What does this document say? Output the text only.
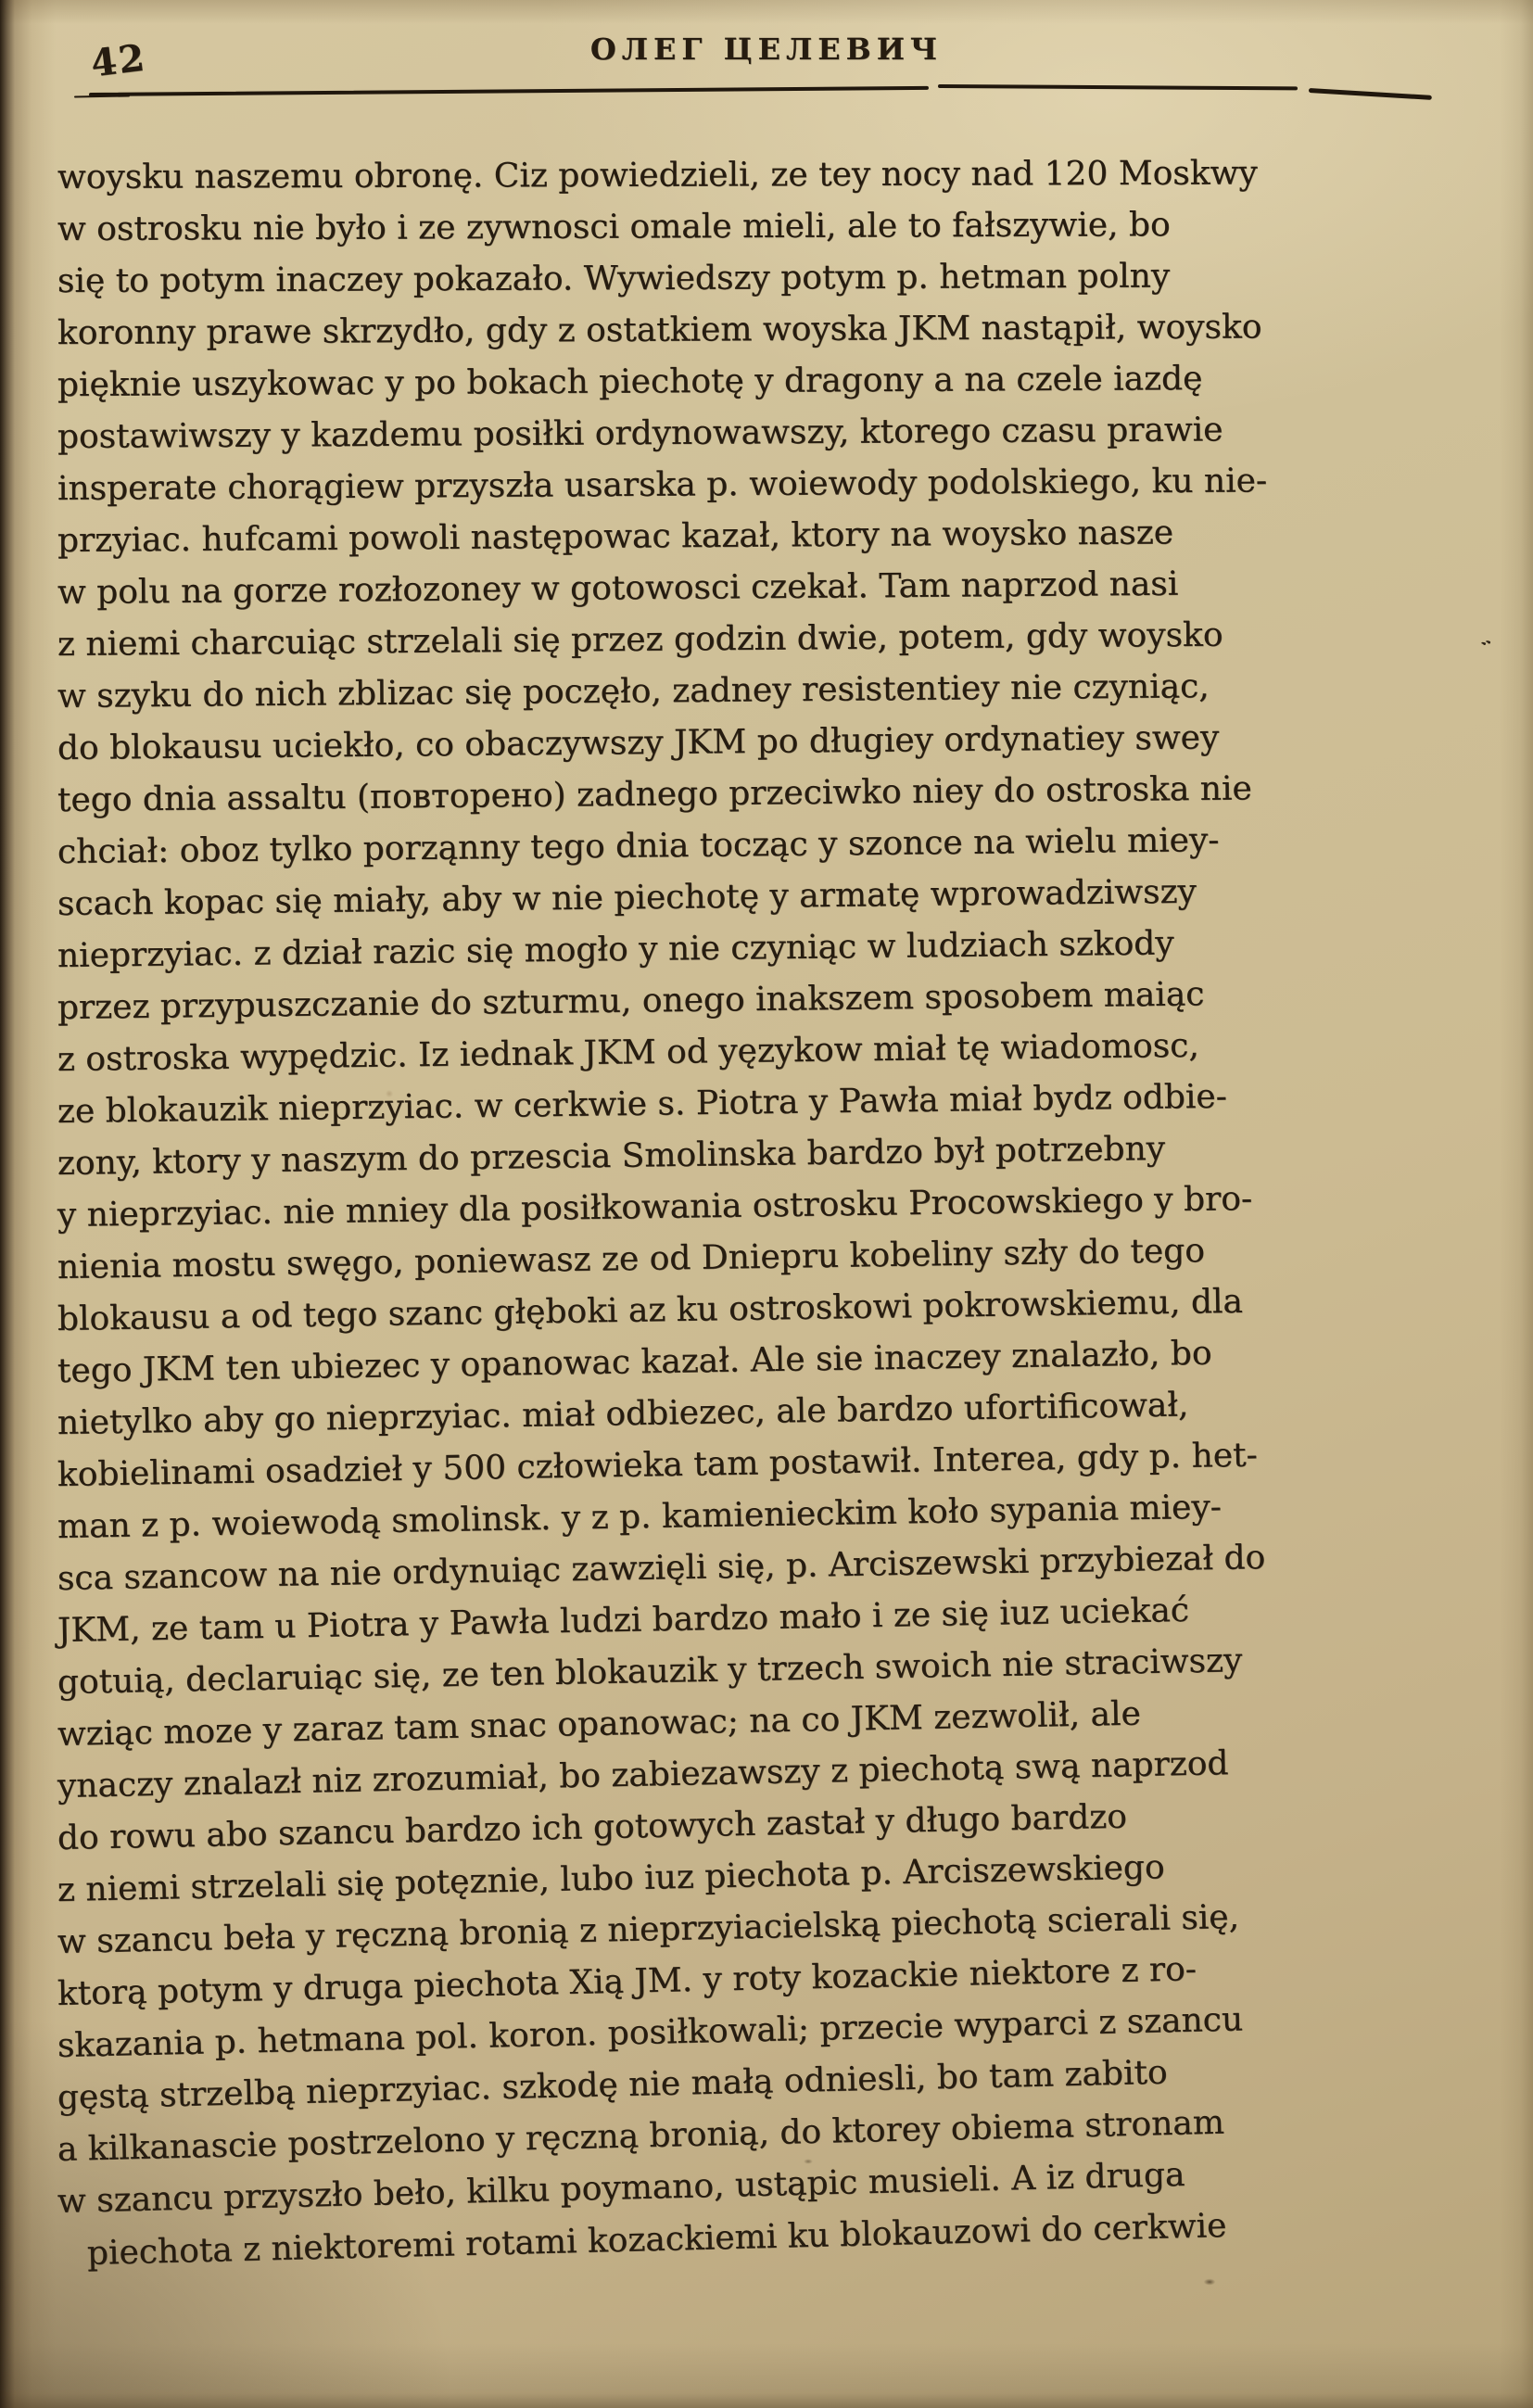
42	ОЛЕГ ЦЕЛЕВИЧ
woysku naszemu obronę. Ciz powiedzieli, ze tey nocy nad 120 Moskwy
w ostrosku nie było i ze zywnosci omale mieli, ale to fałszywie, bo
się to potym inaczey pokazało. Wywiedszy potym p. hetman polny
koronny prawe skrzydło, gdy z ostatkiem woyska JKM nastąpił, woysko
pięknie uszykowac y po bokach piechotę y dragony a na czele iazdę
postawiwszy y kazdemu posiłki ordynowawszy, ktorego czasu prawie
insperate chorągiew przyszła usarska p. woiewody podolskiego, ku nie-
przyiac. hufcami powoli następowac kazał, ktory na woysko nasze
w polu na gorze rozłozoney w gotowosci czekał. Tam naprzod nasi
z niemi charcuiąc strzelali się przez godzin dwie, potem, gdy woysko
w szyku do nich zblizac się poczęło, zadney resistentiey nie czyniąc,
do blokausu uciekło, co obaczywszy JKM po długiey ordynatiey swey
tego dnia assaltu (повторено) zadnego przeciwko niey do ostroska nie
chciał: oboz tylko porząnny tego dnia tocząc y szonce na wielu miey-
scach kopac się miały, aby w nie piechotę y armatę wprowadziwszy
nieprzyiac. z dział razic się mogło y nie czyniąc w ludziach szkody
przez przypuszczanie do szturmu, onego inakszem sposobem maiąc
z ostroska wypędzic. Iz iednak JKM od yęzykow miał tę wiadomosc,
ze blokauzik nieprzyiac. w cerkwie s. Piotra y Pawła miał bydz odbie-
zony, ktory y naszym do przescia Smolinska bardzo był potrzebny
y nieprzyiac. nie mniey dla posiłkowania ostrosku Procowskiego y bro-
nienia mostu swęgo, poniewasz ze od Dniepru kobeliny szły do tego
blokausu a od tego szanc głęboki az ku ostroskowi pokrowskiemu, dla
tego JKM ten ubiezec y opanowac kazał. Ale sie inaczey znalazło, bo
nietylko aby go nieprzyiac. miał odbiezec, ale bardzo ufortificował,
kobielinami osadzieł y 500 człowieka tam postawił. Interea, gdy p. het-
man z p. woiewodą smolinsk. y z p. kamienieckim koło sypania miey-
sca szancow na nie ordynuiąc zawzięli się, p. Arciszewski przybiezał do
JKM, ze tam u Piotra y Pawła ludzi bardzo mało i ze się iuz uciekać
gotuią, declaruiąc się, ze ten blokauzik y trzech swoich nie straciwszy
wziąc moze y zaraz tam snac opanowac; na co JKM zezwolił, ale
ynaczy znalazł niz zrozumiał, bo zabiezawszy z piechotą swą naprzod
do rowu abo szancu bardzo ich gotowych zastał y długo bardzo
z niemi strzelali się potęznie, lubo iuz piechota p. Arciszewskiego
w szancu beła y ręczną bronią z nieprzyiacielską piechotą scierali się,
ktorą potym y druga piechota Xią JM. y roty kozackie niektore z ro-
skazania p. hetmana pol. koron. posiłkowali; przecie wyparci z szancu
gęstą strzelbą nieprzyiac. szkodę nie małą odniesli, bo tam zabito
a kilkanascie postrzelono y ręczną bronią, do ktorey obiema stronam
w szancu przyszło beło, kilku poymano, ustąpic musieli. A iz druga
piechota z niektoremi rotami kozackiemi ku blokauzowi do cerkwie
ᆢ
